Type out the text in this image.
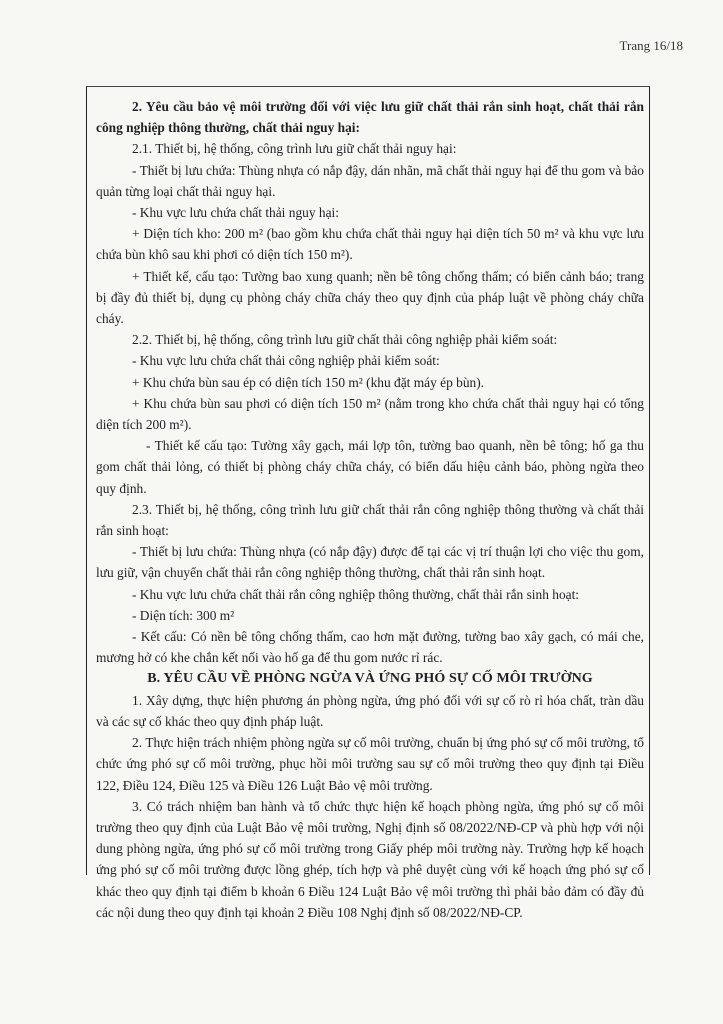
Trang 16/18

2. Yêu cầu bảo vệ môi trường đối với việc lưu giữ chất thải rắn sinh hoạt, chất thải rắn công nghiệp thông thường, chất thải nguy hại:

2.1. Thiết bị, hệ thống, công trình lưu giữ chất thải nguy hại:

- Thiết bị lưu chứa: Thùng nhựa có nắp đậy, dán nhãn, mã chất thải nguy hại để thu gom và bảo quản từng loại chất thải nguy hại.

- Khu vực lưu chứa chất thải nguy hại:

+ Diện tích kho: 200 m² (bao gồm khu chứa chất thải nguy hại diện tích 50 m² và khu vực lưu chứa bùn khô sau khi phơi có diện tích 150 m²).

+ Thiết kế, cấu tạo: Tường bao xung quanh; nền bê tông chống thấm; có biển cảnh báo; trang bị đầy đủ thiết bị, dụng cụ phòng cháy chữa cháy theo quy định của pháp luật về phòng cháy chữa cháy.

2.2. Thiết bị, hệ thống, công trình lưu giữ chất thải công nghiệp phải kiểm soát:

- Khu vực lưu chứa chất thải công nghiệp phải kiểm soát:

+ Khu chứa bùn sau ép có diện tích 150 m² (khu đặt máy ép bùn).

+ Khu chứa bùn sau phơi có diện tích 150 m² (nằm trong kho chứa chất thải nguy hại có tổng diện tích 200 m²).

- Thiết kế cấu tạo: Tường xây gạch, mái lợp tôn, tường bao quanh, nền bê tông; hố ga thu gom chất thải lỏng, có thiết bị phòng cháy chữa cháy, có biển dấu hiệu cảnh báo, phòng ngừa theo quy định.

2.3. Thiết bị, hệ thống, công trình lưu giữ chất thải rắn công nghiệp thông thường và chất thải rắn sinh hoạt:

- Thiết bị lưu chứa: Thùng nhựa (có nắp đậy) được để tại các vị trí thuận lợi cho việc thu gom, lưu giữ, vận chuyển chất thải rắn công nghiệp thông thường, chất thải rắn sinh hoạt.

- Khu vực lưu chứa chất thải rắn công nghiệp thông thường, chất thải rắn sinh hoạt:

- Diện tích: 300 m²

- Kết cấu: Có nền bê tông chống thấm, cao hơn mặt đường, tường bao xây gạch, có mái che, mương hở có khe chắn kết nối vào hố ga để thu gom nước rỉ rác.

B. YÊU CẦU VỀ PHÒNG NGỪA VÀ ỨNG PHÓ SỰ CỐ MÔI TRƯỜNG

1. Xây dựng, thực hiện phương án phòng ngừa, ứng phó đối với sự cố rò rỉ hóa chất, tràn dầu và các sự cố khác theo quy định pháp luật.

2. Thực hiện trách nhiệm phòng ngừa sự cố môi trường, chuẩn bị ứng phó sự cố môi trường, tổ chức ứng phó sự cố môi trường, phục hồi môi trường sau sự cố môi trường theo quy định tại Điều 122, Điều 124, Điều 125 và Điều 126 Luật Bảo vệ môi trường.

3. Có trách nhiệm ban hành và tổ chức thực hiện kế hoạch phòng ngừa, ứng phó sự cố môi trường theo quy định của Luật Bảo vệ môi trường, Nghị định số 08/2022/NĐ-CP và phù hợp với nội dung phòng ngừa, ứng phó sự cố môi trường trong Giấy phép môi trường này. Trường hợp kế hoạch ứng phó sự cố môi trường được lồng ghép, tích hợp và phê duyệt cùng với kế hoạch ứng phó sự cố khác theo quy định tại điểm b khoản 6 Điều 124 Luật Bảo vệ môi trường thì phải bảo đảm có đầy đủ các nội dung theo quy định tại khoản 2 Điều 108 Nghị định số 08/2022/NĐ-CP.
